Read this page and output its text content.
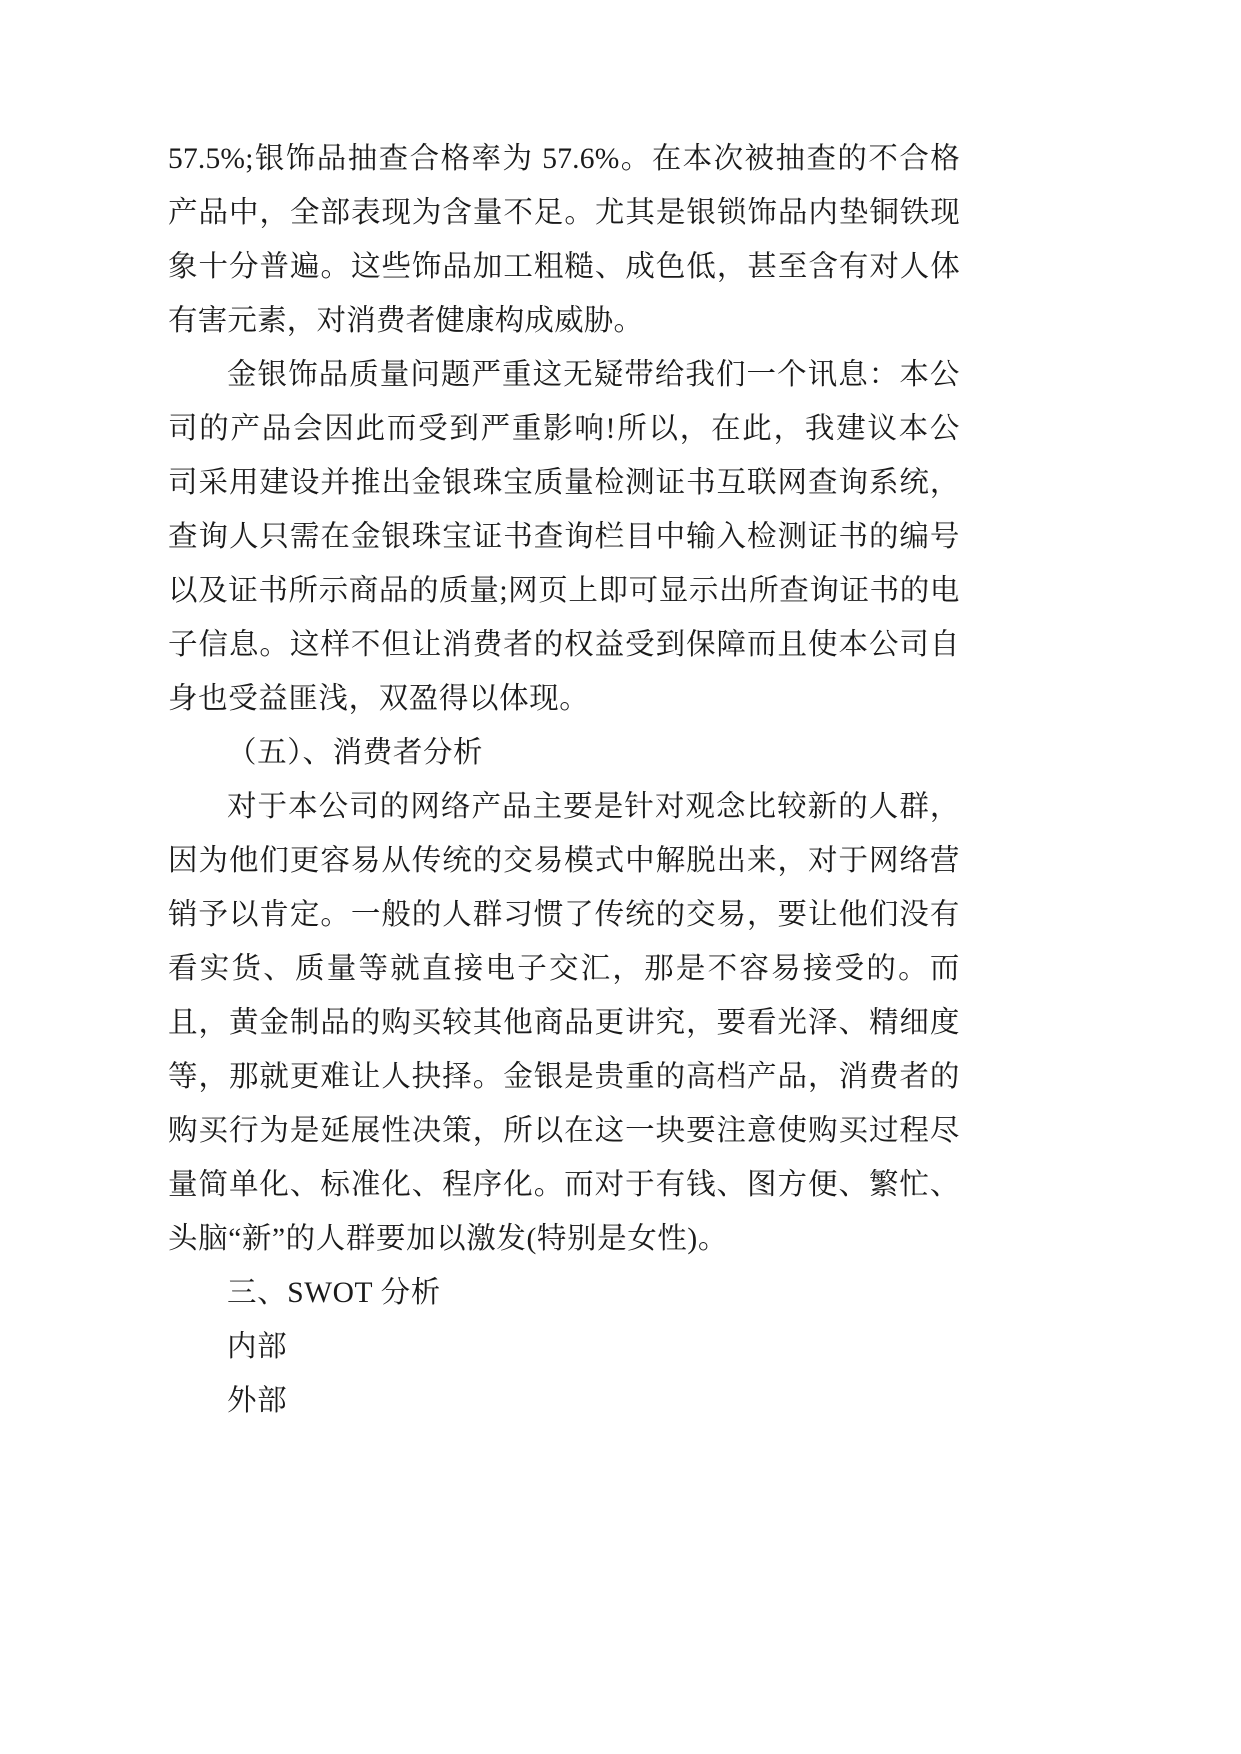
57.5%;银饰品抽查合格率为 57.6%。在本次被抽查的不合格产品中，全部表现为含量不足。尤其是银锁饰品内垫铜铁现象十分普遍。这些饰品加工粗糙、成色低，甚至含有对人体有害元素，对消费者健康构成威胁。

金银饰品质量问题严重这无疑带给我们一个讯息：本公司的产品会因此而受到严重影响!所以，在此，我建议本公司采用建设并推出金银珠宝质量检测证书互联网查询系统，查询人只需在金银珠宝证书查询栏目中输入检测证书的编号以及证书所示商品的质量;网页上即可显示出所查询证书的电子信息。这样不但让消费者的权益受到保障而且使本公司自身也受益匪浅，双盈得以体现。

（五）、消费者分析

对于本公司的网络产品主要是针对观念比较新的人群，因为他们更容易从传统的交易模式中解脱出来，对于网络营销予以肯定。一般的人群习惯了传统的交易，要让他们没有看实货、质量等就直接电子交汇，那是不容易接受的。而且，黄金制品的购买较其他商品更讲究，要看光泽、精细度等，那就更难让人抉择。金银是贵重的高档产品，消费者的购买行为是延展性决策，所以在这一块要注意使购买过程尽量简单化、标准化、程序化。而对于有钱、图方便、繁忙、头脑“新”的人群要加以激发(特别是女性)。

三、SWOT 分析

内部

外部
